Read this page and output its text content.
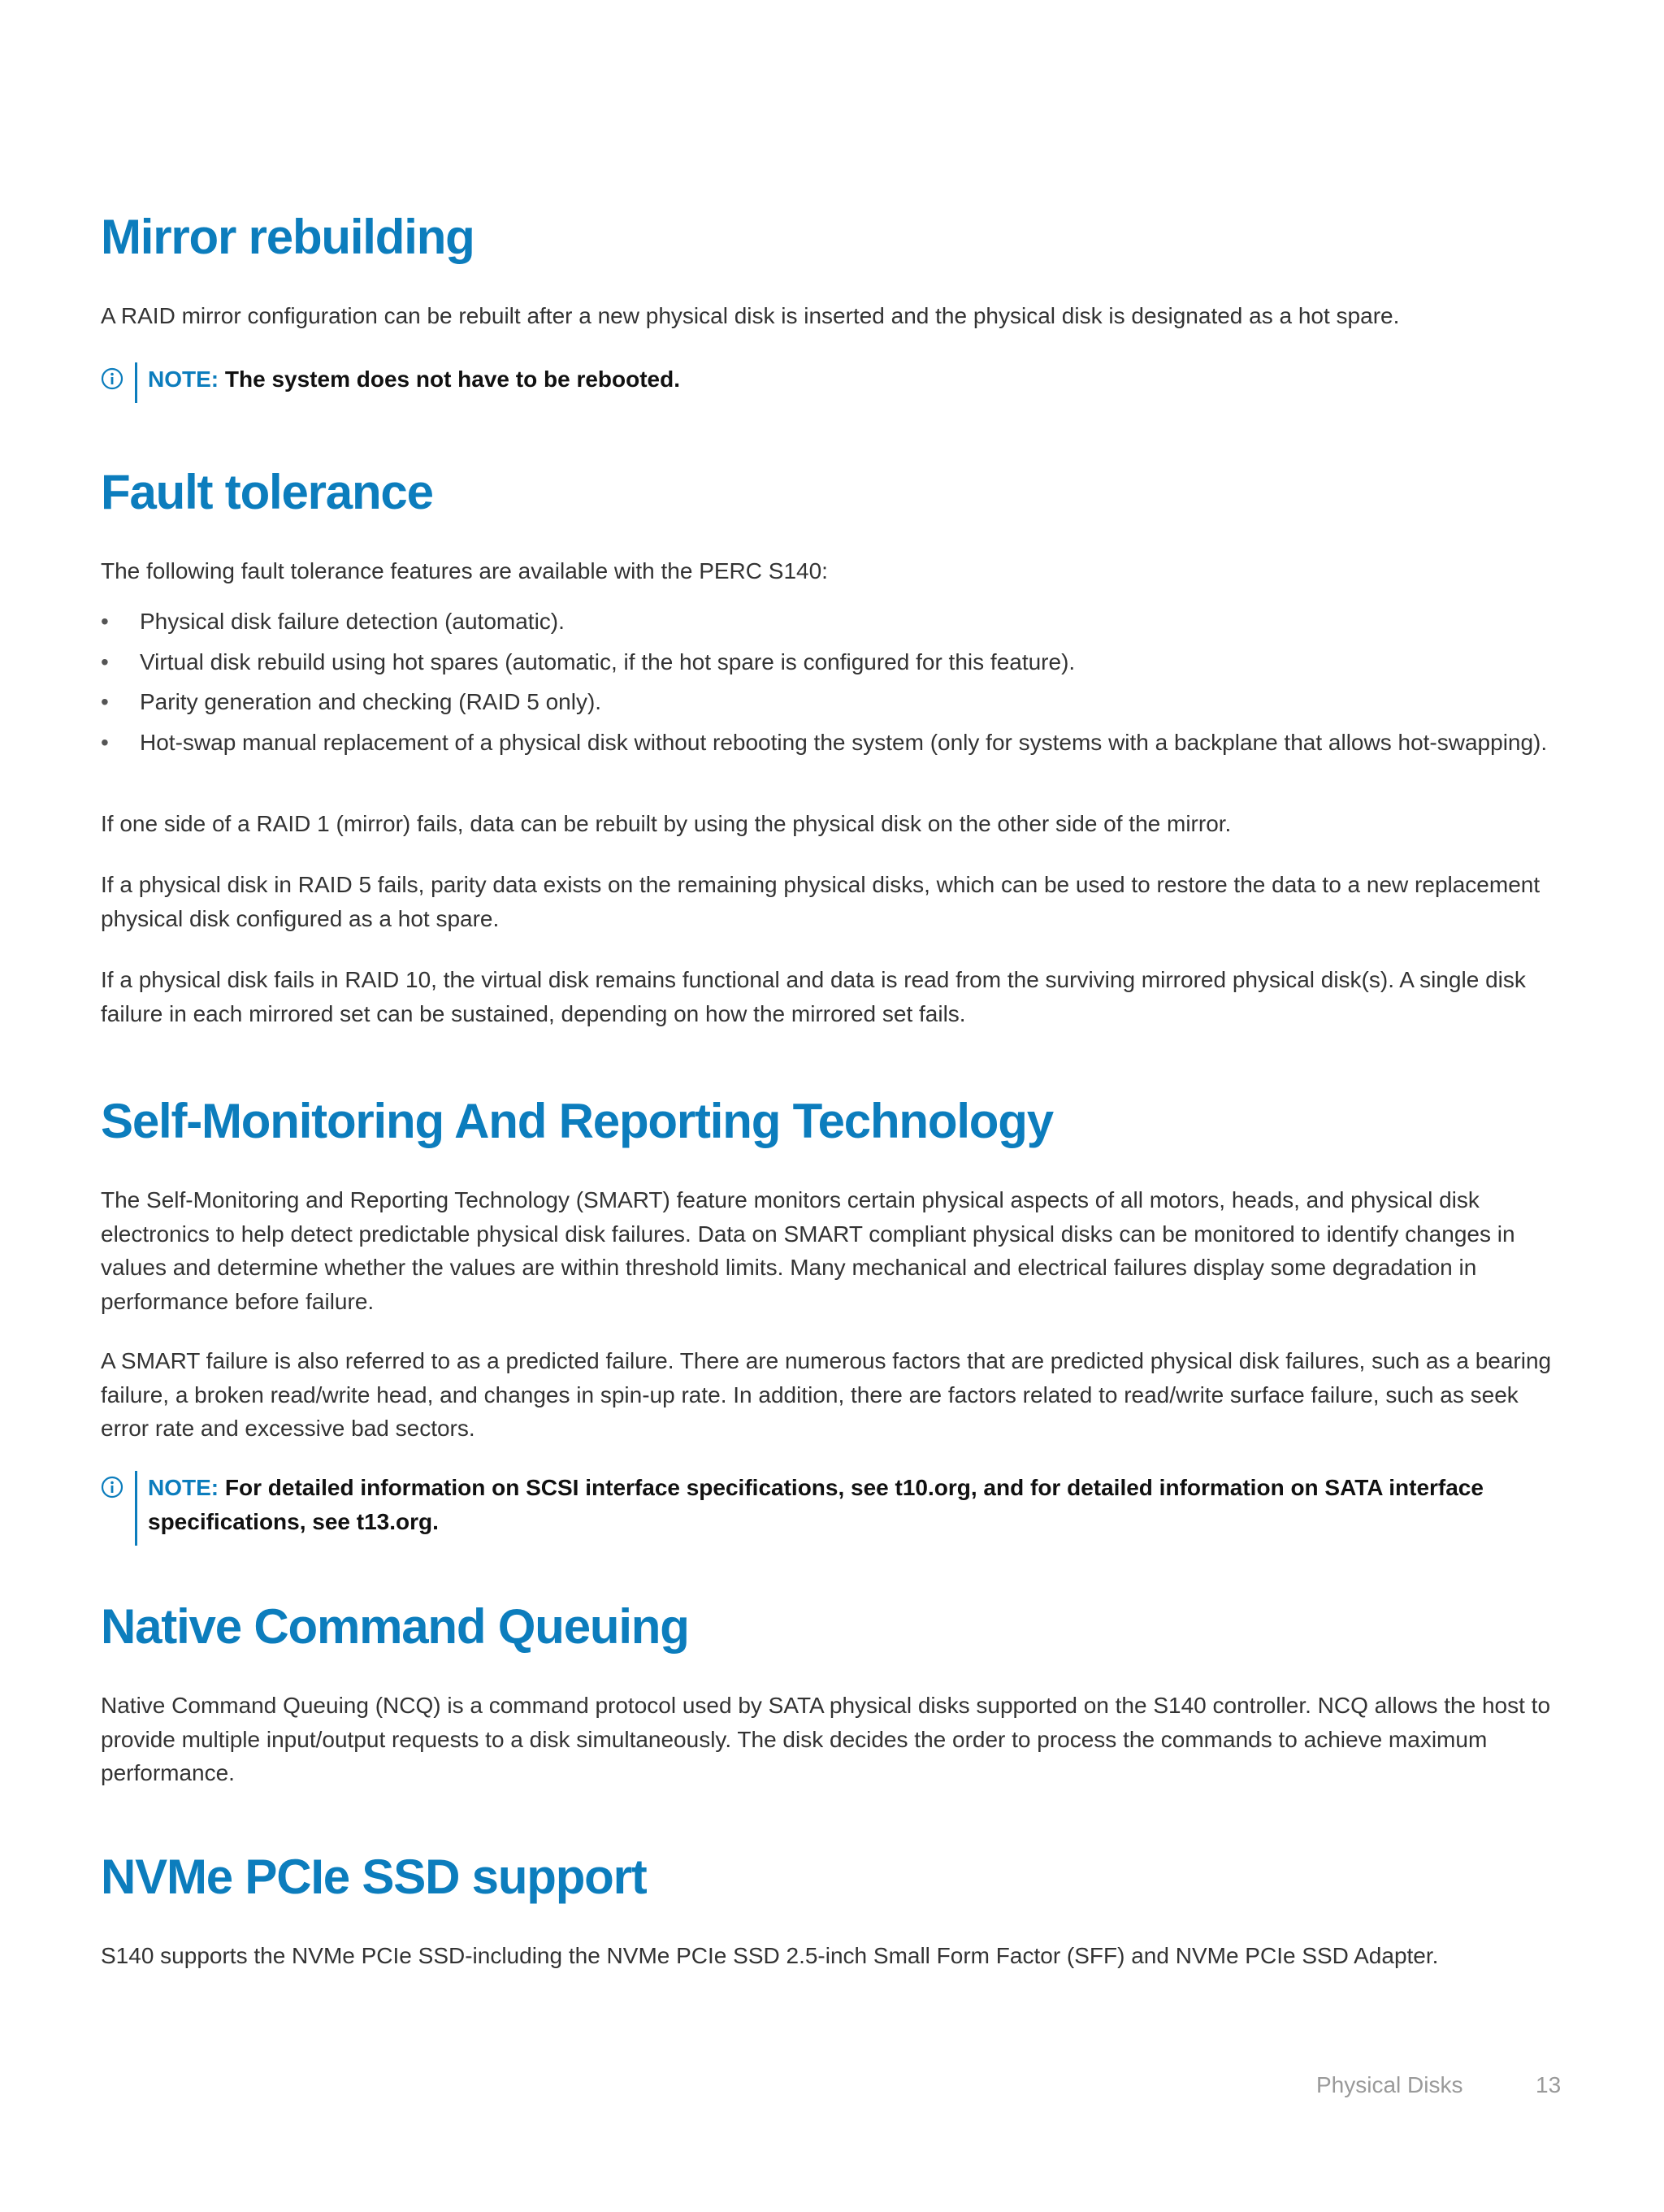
Mirror rebuilding

A RAID mirror configuration can be rebuilt after a new physical disk is inserted and the physical disk is designated as a hot spare.

NOTE: The system does not have to be rebooted.
Fault tolerance

The following fault tolerance features are available with the PERC S140:

• Physical disk failure detection (automatic).
• Virtual disk rebuild using hot spares (automatic, if the hot spare is configured for this feature).
• Parity generation and checking (RAID 5 only).
• Hot-swap manual replacement of a physical disk without rebooting the system (only for systems with a backplane that allows hot-swapping).

If one side of a RAID 1 (mirror) fails, data can be rebuilt by using the physical disk on the other side of the mirror.

If a physical disk in RAID 5 fails, parity data exists on the remaining physical disks, which can be used to restore the data to a new replacement physical disk configured as a hot spare.

If a physical disk fails in RAID 10, the virtual disk remains functional and data is read from the surviving mirrored physical disk(s). A single disk failure in each mirrored set can be sustained, depending on how the mirrored set fails.

Self-Monitoring And Reporting Technology

The Self-Monitoring and Reporting Technology (SMART) feature monitors certain physical aspects of all motors, heads, and physical disk electronics to help detect predictable physical disk failures. Data on SMART compliant physical disks can be monitored to identify changes in values and determine whether the values are within threshold limits. Many mechanical and electrical failures display some degradation in performance before failure.

A SMART failure is also referred to as a predicted failure. There are numerous factors that are predicted physical disk failures, such as a bearing failure, a broken read/write head, and changes in spin-up rate. In addition, there are factors related to read/write surface failure, such as seek error rate and excessive bad sectors.

NOTE: For detailed information on SCSI interface specifications, see t10.org, and for detailed information on SATA interface specifications, see t13.org.
Native Command Queuing

Native Command Queuing (NCQ) is a command protocol used by SATA physical disks supported on the S140 controller. NCQ allows the host to provide multiple input/output requests to a disk simultaneously. The disk decides the order to process the commands to achieve maximum performance.

NVMe PCIe SSD support

S140 supports the NVMe PCIe SSD-including the NVMe PCIe SSD 2.5-inch Small Form Factor (SFF) and NVMe PCIe SSD Adapter.

Physical Disks	13
